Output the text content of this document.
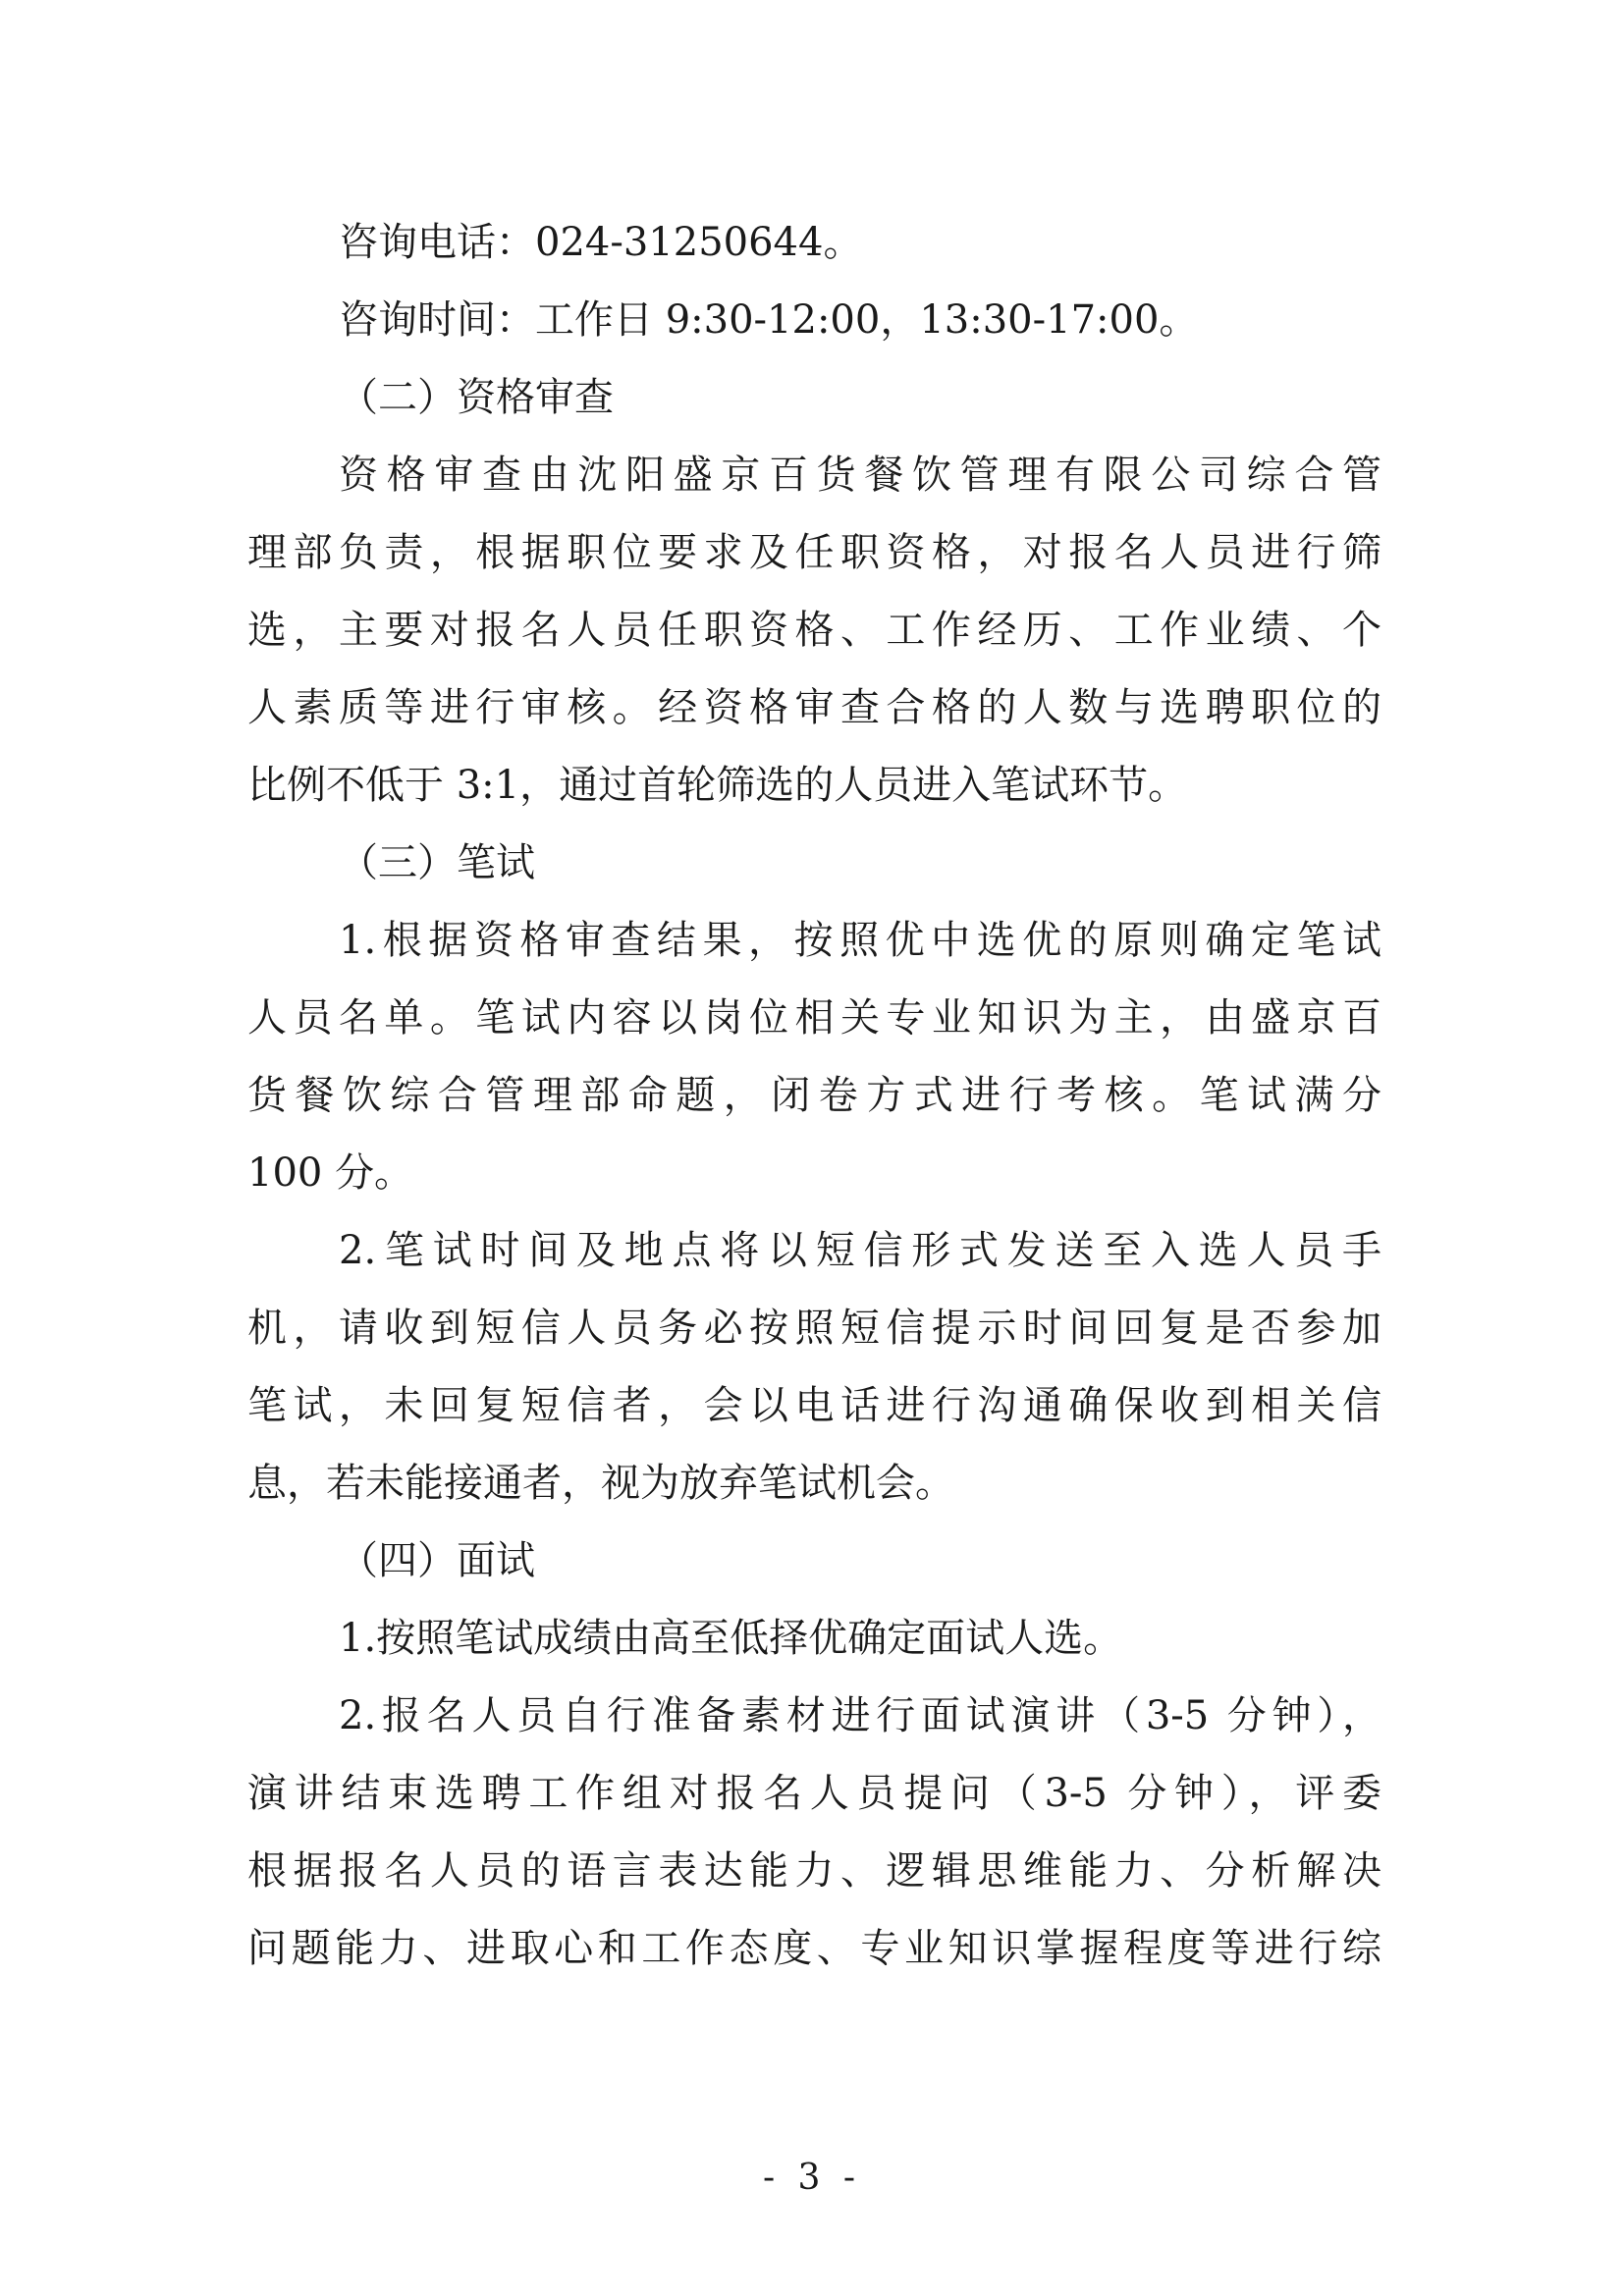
咨询电话：024-31250644。
咨询时间：工作日 9:30-12:00，13:30-17:00。
（二）资格审查
资格审查由沈阳盛京百货餐饮管理有限公司综合管
理部负责，根据职位要求及任职资格，对报名人员进行筛
选，主要对报名人员任职资格、工作经历、工作业绩、个
人素质等进行审核。经资格审查合格的人数与选聘职位的
比例不低于 3:1，通过首轮筛选的人员进入笔试环节。
（三）笔试
1.根据资格审查结果，按照优中选优的原则确定笔试
人员名单。笔试内容以岗位相关专业知识为主，由盛京百
货餐饮综合管理部命题，闭卷方式进行考核。笔试满分
100 分。
2.笔试时间及地点将以短信形式发送至入选人员手
机，请收到短信人员务必按照短信提示时间回复是否参加
笔试，未回复短信者，会以电话进行沟通确保收到相关信
息，若未能接通者，视为放弃笔试机会。
（四）面试
1.按照笔试成绩由高至低择优确定面试人选。
2.报名人员自行准备素材进行面试演讲（3-5 分钟），
演讲结束选聘工作组对报名人员提问（3-5 分钟），评委
根据报名人员的语言表达能力、逻辑思维能力、分析解决
问题能力、进取心和工作态度、专业知识掌握程度等进行综
- 3 -
